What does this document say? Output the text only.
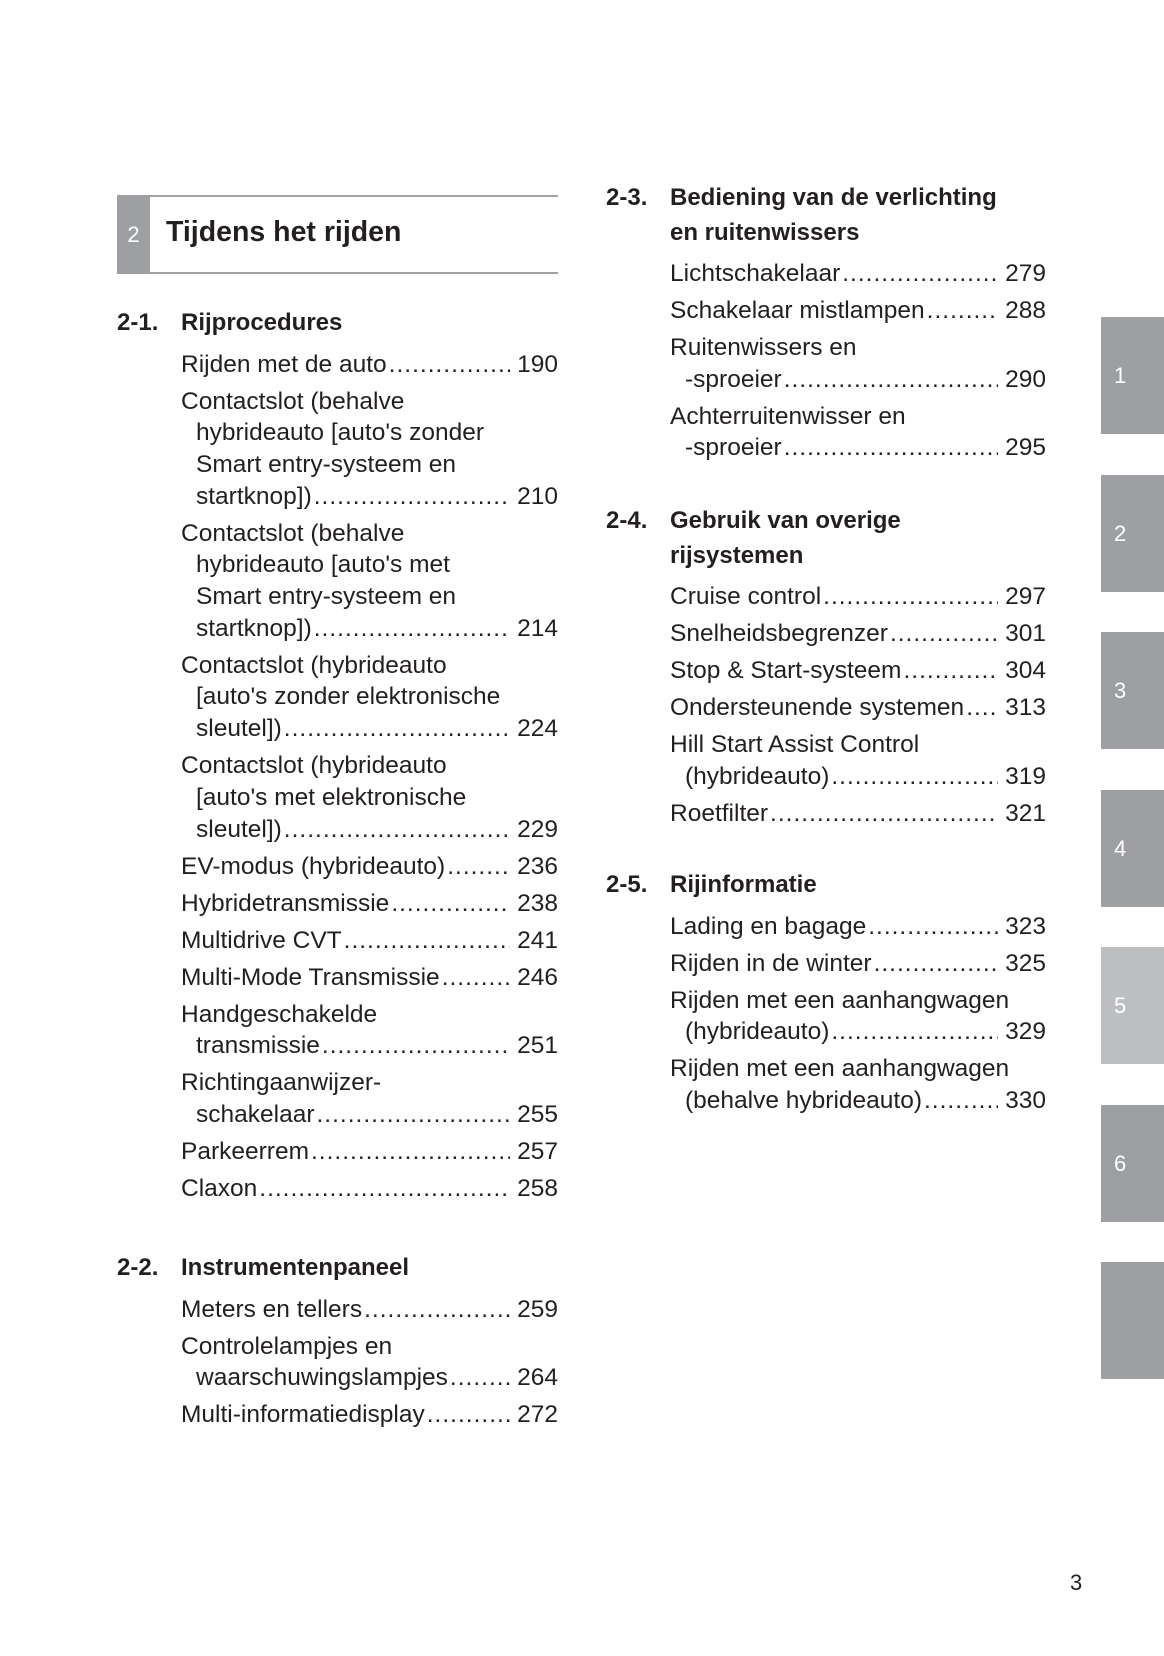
2 Tijdens het rijden
2-1. Rijprocedures
Rijden met de auto .....	190
Contactslot (behalve
hybrideauto [auto's zonder
Smart entry-systeem en
startknop]) .....	210
Contactslot (behalve
hybrideauto [auto's met
Smart entry-systeem en
startknop]) .....	214
Contactslot (hybrideauto
[auto's zonder elektronische
sleutel]) .....	224
Contactslot (hybrideauto
[auto's met elektronische
sleutel]) .....	229
EV-modus (hybrideauto) .....	236
Hybridetransmissie .....	238
Multidrive CVT .....	241
Multi-Mode Transmissie .....	246
Handgeschakelde
transmissie .....	251
Richtingaanwijzer-
schakelaar .....	255
Parkeerrem .....	257
Claxon .....	258
2-2. Instrumentenpaneel
Meters en tellers .....	259
Controlelampjes en
waarschuwingslampjes .....	264
Multi-informatiedisplay .....	272
2-3. Bediening van de verlichting
en ruitenwissers
Lichtschakelaar .....	279
Schakelaar mistlampen .....	288
Ruitenwissers en
-sproeier .....	290
Achterruitenwisser en
-sproeier .....	295
2-4. Gebruik van overige
rijsystemen
Cruise control .....	297
Snelheidsbegrenzer .....	301
Stop & Start-systeem .....	304
Ondersteunende systemen ..... 313
Hill Start Assist Control
(hybrideauto) .....	319
Roetfilter .....	321
2-5. Rijinformatie
Lading en bagage .....	323
Rijden in de winter .....	325
Rijden met een aanhangwagen
(hybrideauto) .....	329
Rijden met een aanhangwagen
(behalve hybrideauto) .....	330
1
2
3
4
5
6
3
